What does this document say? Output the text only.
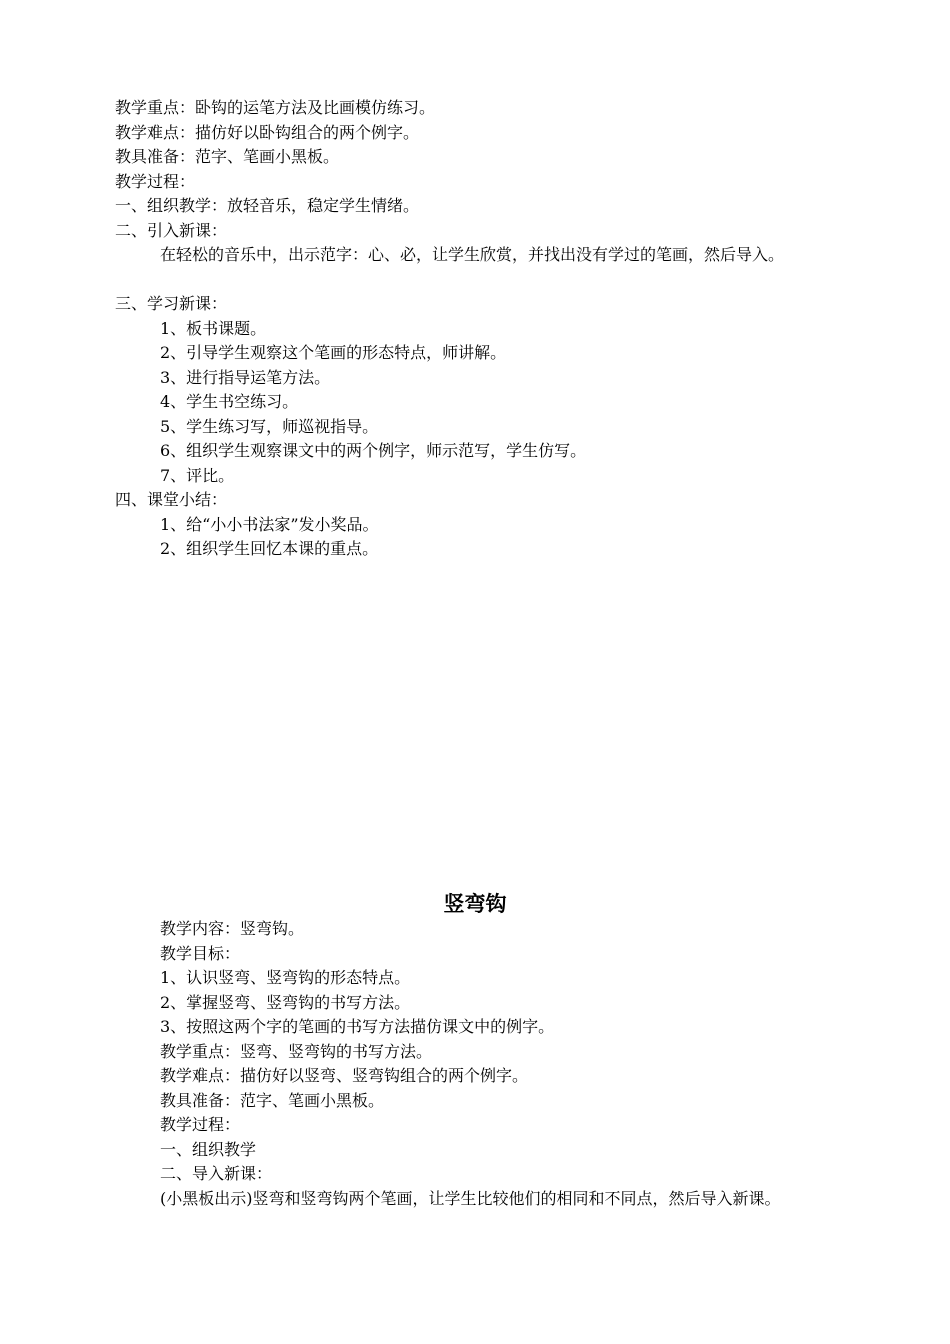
教学重点：卧钩的运笔方法及比画模仿练习。
教学难点：描仿好以卧钩组合的两个例字。
教具准备：范字、笔画小黑板。
教学过程：
一、组织教学：放轻音乐，稳定学生情绪。
二、引入新课：
在轻松的音乐中，出示范字：心、必，让学生欣赏，并找出没有学过的笔画，然后导入。
三、学习新课：
1、板书课题。
2、引导学生观察这个笔画的形态特点，师讲解。
3、进行指导运笔方法。
4、学生书空练习。
5、学生练习写，师巡视指导。
6、组织学生观察课文中的两个例字，师示范写，学生仿写。
7、评比。
四、课堂小结：
1、给“小小书法家”发小奖品。
2、组织学生回忆本课的重点。
竖弯钩
教学内容：竖弯钩。
教学目标：
1、认识竖弯、竖弯钩的形态特点。
2、掌握竖弯、竖弯钩的书写方法。
3、按照这两个字的笔画的书写方法描仿课文中的例字。
教学重点：竖弯、竖弯钩的书写方法。
教学难点：描仿好以竖弯、竖弯钩组合的两个例字。
教具准备：范字、笔画小黑板。
教学过程：
一、组织教学
二、导入新课：
(小黑板出示)竖弯和竖弯钩两个笔画，让学生比较他们的相同和不同点，然后导入新课。
